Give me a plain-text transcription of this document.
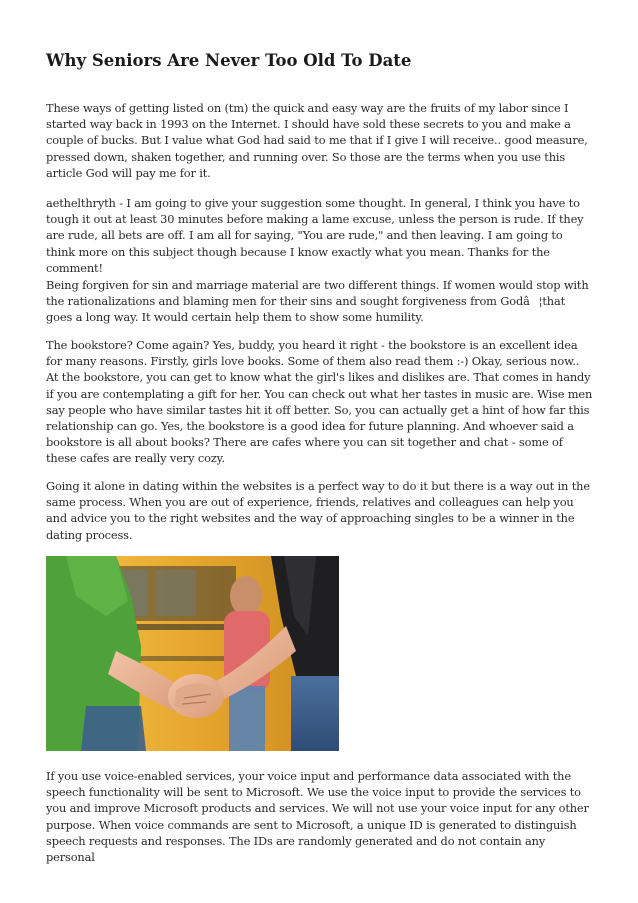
Why Seniors Are Never Too Old To Date

These ways of getting listed on (tm) the quick and easy way are the fruits of my labor since I started way back in 1993 on the Internet. I should have sold these secrets to you and make a couple of bucks. But I value what God had said to me that if I give I will receive.. good measure, pressed down, shaken together, and running over. So those are the terms when you use this article God will pay me for it.

aethelthryth - I am going to give your suggestion some thought. In general, I think you have to tough it out at least 30 minutes before making a lame excuse, unless the person is rude. If they are rude, all bets are off. I am all for saying, "You are rude," and then leaving. I am going to think more on this subject though because I know exactly what you mean. Thanks for the comment!

Being forgiven for sin and marriage material are two different things. If women would stop with the rationalizations and blaming men for their sins and sought forgiveness from Godâ¦that goes a long way. It would certain help them to show some humility.

The bookstore? Come again? Yes, buddy, you heard it right - the bookstore is an excellent idea for many reasons. Firstly, girls love books. Some of them also read them :-) Okay, serious now.. At the bookstore, you can get to know what the girl's likes and dislikes are. That comes in handy if you are contemplating a gift for her. You can check out what her tastes in music are. Wise men say people who have similar tastes hit it off better. So, you can actually get a hint of how far this relationship can go. Yes, the bookstore is a good idea for future planning. And whoever said a bookstore is all about books? There are cafes where you can sit together and chat - some of these cafes are really very cozy.

Going it alone in dating within the websites is a perfect way to do it but there is a way out in the same process. When you are out of experience, friends, relatives and colleagues can help you and advice you to the right websites and the way of approaching singles to be a winner in the dating process.

If you use voice-enabled services, your voice input and performance data associated with the speech functionality will be sent to Microsoft. We use the voice input to provide the services to you and improve Microsoft products and services. We will not use your voice input for any other purpose. When voice commands are sent to Microsoft, a unique ID is generated to distinguish speech requests and responses. The IDs are randomly generated and do not contain any personal
